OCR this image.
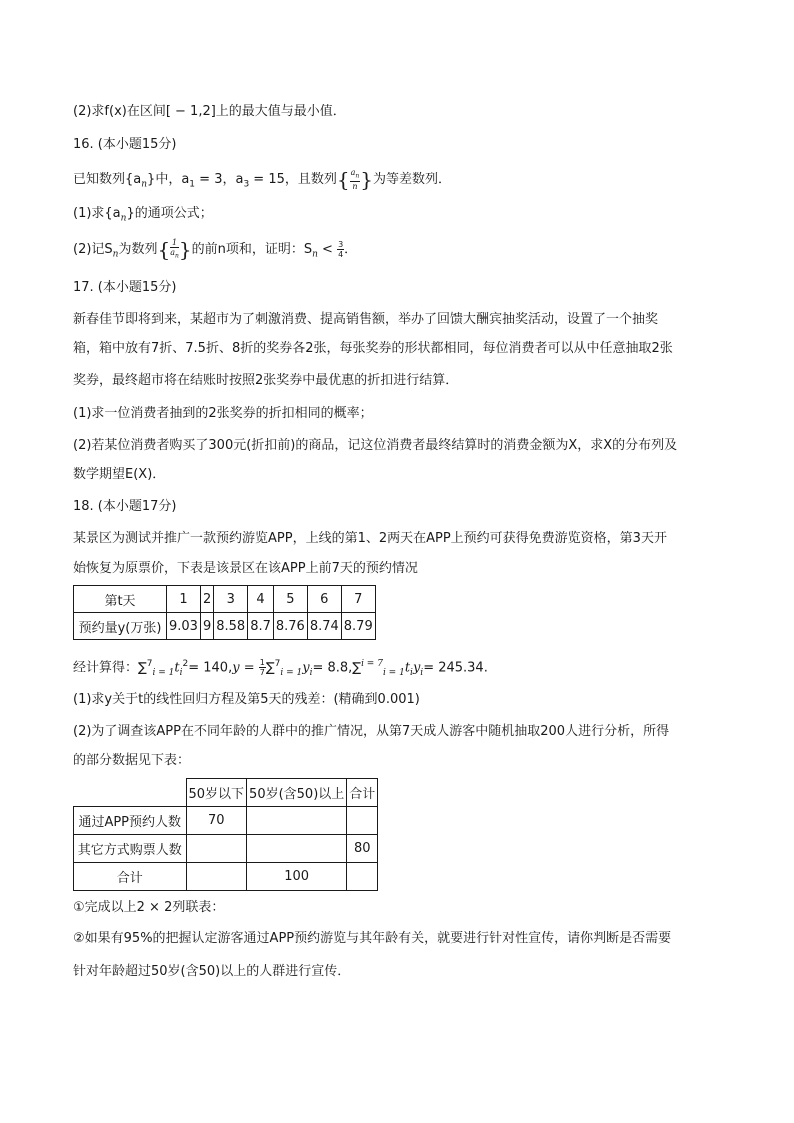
(2)求f(x)在区间[ − 1,2]上的最大值与最小值．
16. (本小题15分)
已知数列$\{a_n\}$中，$a_1 = 3$，$a_3 = 15$，且数列{ $\frac{a_n}{n}$ }为等差数列．
(1)求$\{a_n\}$的通项公式；
(2)记$S_n$为数列{ $\frac{1}{a_n}$ }的前n项和，证明：$S_n < \frac{3}{4}$ ．
17. (本小题15分)
新春佳节即将到来，某超市为了刺激消费、提高销售额，举办了回馈大酬宾抽奖活动，设置了一个抽奖
箱，箱中放有7折、7.5折、8折的奖券各2张，每张奖券的形状都相同，每位消费者可以从中任意抽取2张
奖券，最终超市将在结账时按照2张奖券中最优惠的折扣进行结算．
(1)求一位消费者抽到的2张奖券的折扣相同的概率；
(2)若某位消费者购买了300元(折扣前)的商品，记这位消费者最终结算时的消费金额为X，求X的分布列及
数学期望E(X)．
18. (本小题17分)
某景区为测试并推广一款预约游览APP，上线的第1、2两天在APP上预约可获得免费游览资格，第3天开
始恢复为原票价，下表是该景区在该APP上前7天的预约情况
第t天	1	2	3	4	5	6	7
预约量y(万张)	9.03	9	8.58	8.7	8.76	8.74	8.79
经计算得：$\sum^7_{i = 1}t_i^2= 140,y = \frac{1}{7} \sum^7_{i = 1}y_i= 8.8,\sum^{i = 7}_{i = 1}t_iy_i= 245.34$.
(1)求y关于t的线性回归方程及第5天的残差：(精确到0.001)
(2)为了调查该APP在不同年龄的人群中的推广情况，从第7天成人游客中随机抽取200人进行分析，所得
的部分数据见下表：
	50岁以下	50岁(含50)以上	合计
通过APP预约人数	70		
其它方式购票人数			80
合计		100	
①完成以上2 × 2列联表：
②如果有95%的把握认定游客通过APP预约游览与其年龄有关，就要进行针对性宣传，请你判断是否需要
针对年龄超过50岁(含50)以上的人群进行宣传．
